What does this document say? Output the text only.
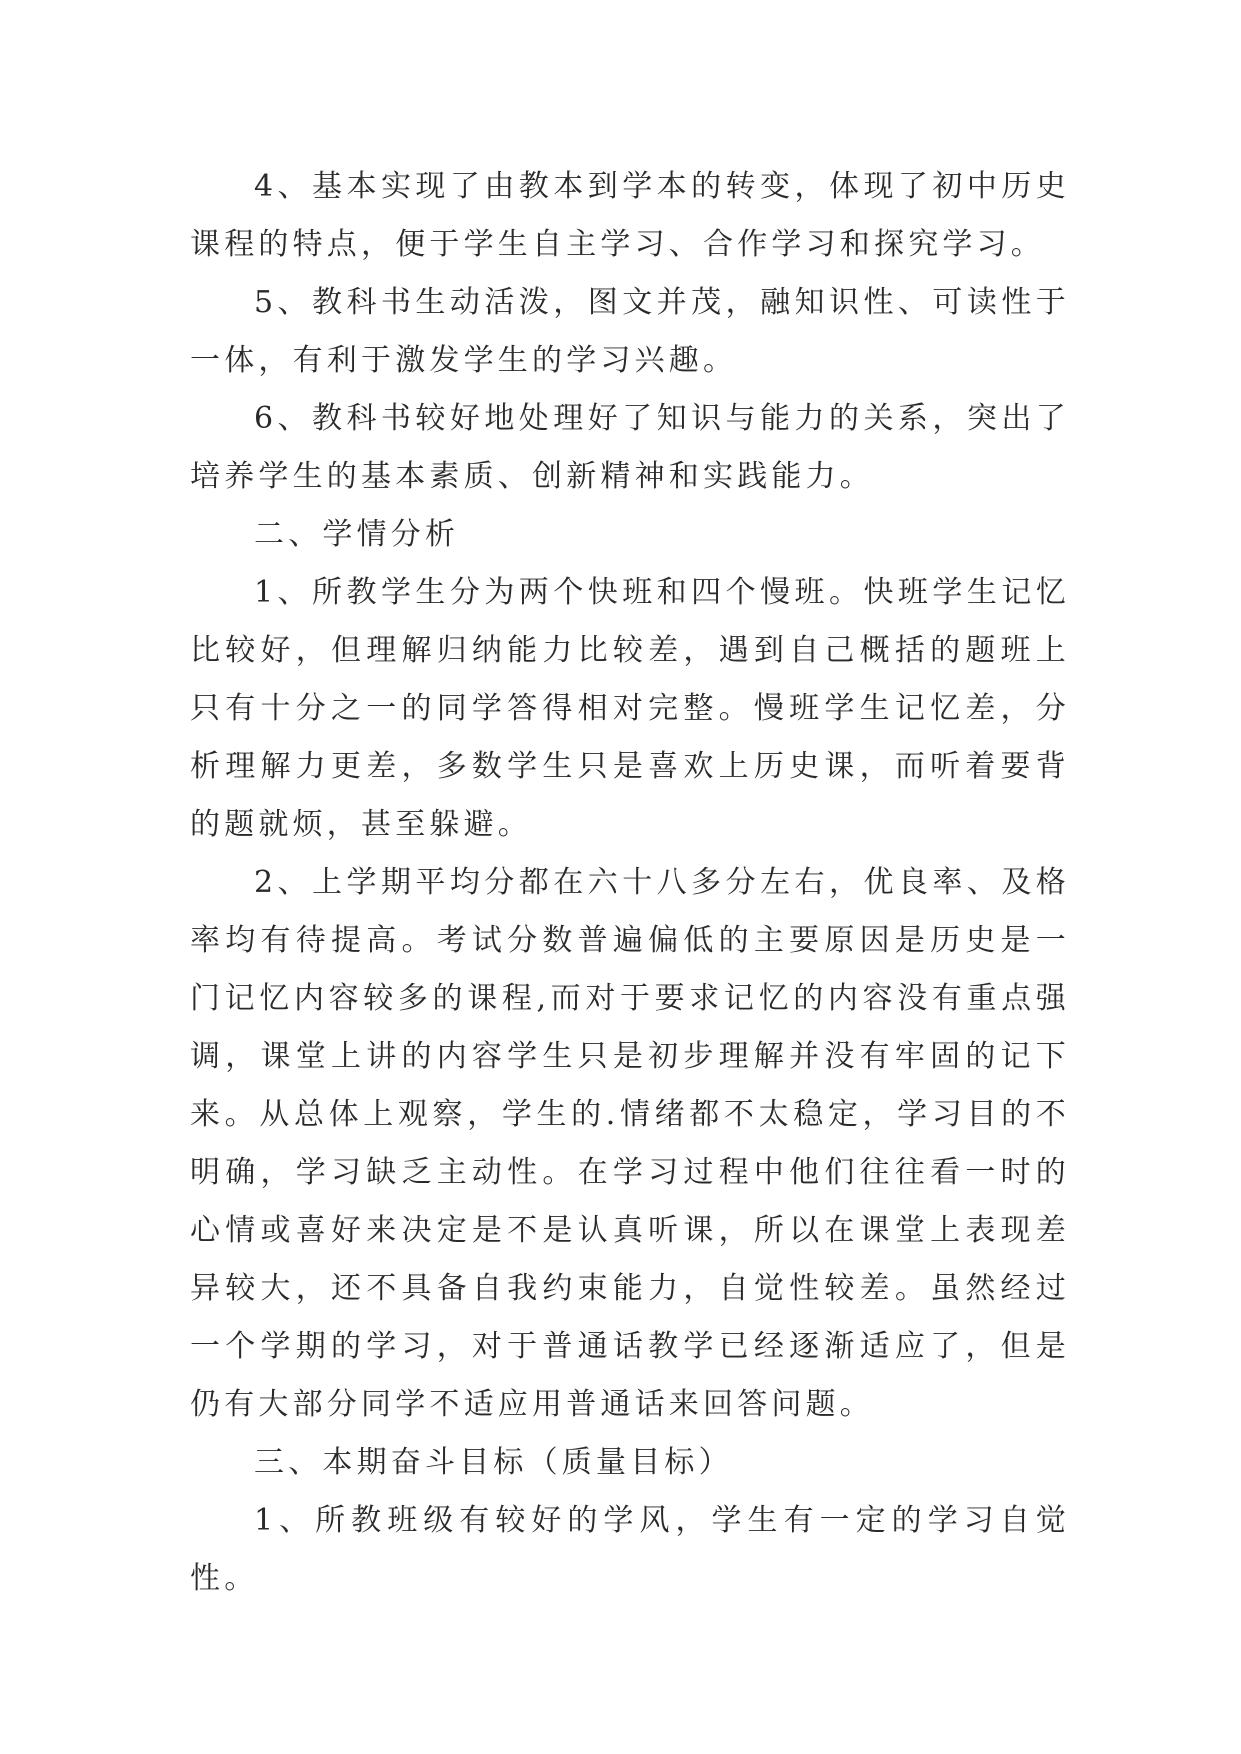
4、基本实现了由教本到学本的转变，体现了初中历史课程的特点，便于学生自主学习、合作学习和探究学习。

5、教科书生动活泼，图文并茂，融知识性、可读性于一体，有利于激发学生的学习兴趣。

6、教科书较好地处理好了知识与能力的关系，突出了培养学生的基本素质、创新精神和实践能力。

二、学情分析

1、所教学生分为两个快班和四个慢班。快班学生记忆比较好，但理解归纳能力比较差，遇到自己概括的题班上只有十分之一的同学答得相对完整。慢班学生记忆差，分析理解力更差，多数学生只是喜欢上历史课，而听着要背的题就烦，甚至躲避。

2、上学期平均分都在六十八多分左右，优良率、及格率均有待提高。考试分数普遍偏低的主要原因是历史是一门记忆内容较多的课程,而对于要求记忆的内容没有重点强调，课堂上讲的内容学生只是初步理解并没有牢固的记下来。从总体上观察，学生的.情绪都不太稳定，学习目的不明确，学习缺乏主动性。在学习过程中他们往往看一时的心情或喜好来决定是不是认真听课，所以在课堂上表现差异较大，还不具备自我约束能力，自觉性较差。虽然经过一个学期的学习，对于普通话教学已经逐渐适应了，但是仍有大部分同学不适应用普通话来回答问题。

三、本期奋斗目标（质量目标）

1、所教班级有较好的学风，学生有一定的学习自觉性。
